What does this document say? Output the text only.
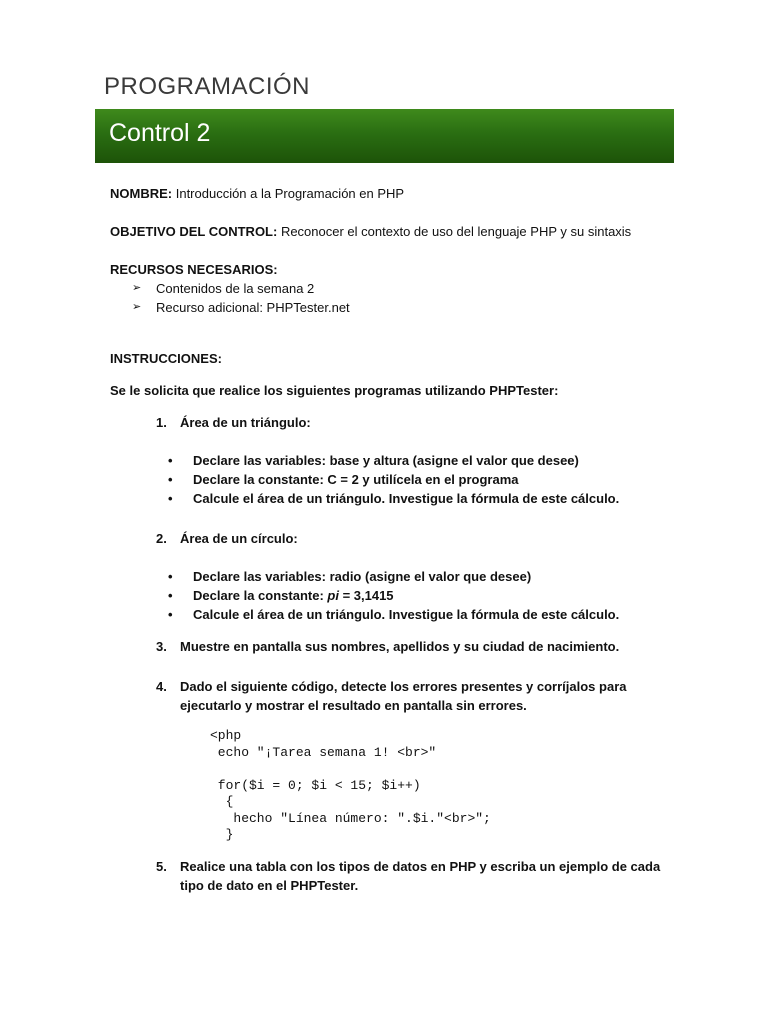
PROGRAMACIÓN
Control 2

NOMBRE: Introducción a la Programación en PHP

OBJETIVO DEL CONTROL: Reconocer el contexto de uso del lenguaje PHP y su sintaxis

RECURSOS NECESARIOS:

➢	Contenidos de la semana 2
➢	Recurso adicional: PHPTester.net

INSTRUCCIONES:

Se le solicita que realice los siguientes programas utilizando PHPTester:

1.	Área de un triángulo:
•	Declare las variables: base y altura (asigne el valor que desee)
•	Declare la constante: C = 2 y utilícela en el programa
•	Calcule el área de un triángulo. Investigue la fórmula de este cálculo.
2.	Área de un círculo:
•	Declare las variables: radio (asigne el valor que desee)
•	Declare la constante: pi = 3,1415
•	Calcule el área de un triángulo. Investigue la fórmula de este cálculo.
3.	Muestre en pantalla sus nombres, apellidos y su ciudad de nacimiento.
4.	Dado el siguiente código, detecte los errores presentes y corríjalos para ejecutarlo y mostrar el resultado en pantalla sin errores.
<php
echo "¡Tarea semana 1! <br>"

for($i = 0; $i < 15; $i++)
{
hecho "Línea número: ".$i."<br>";
}
5.	Realice una tabla con los tipos de datos en PHP y escriba un ejemplo de cada tipo de dato en el PHPTester.
